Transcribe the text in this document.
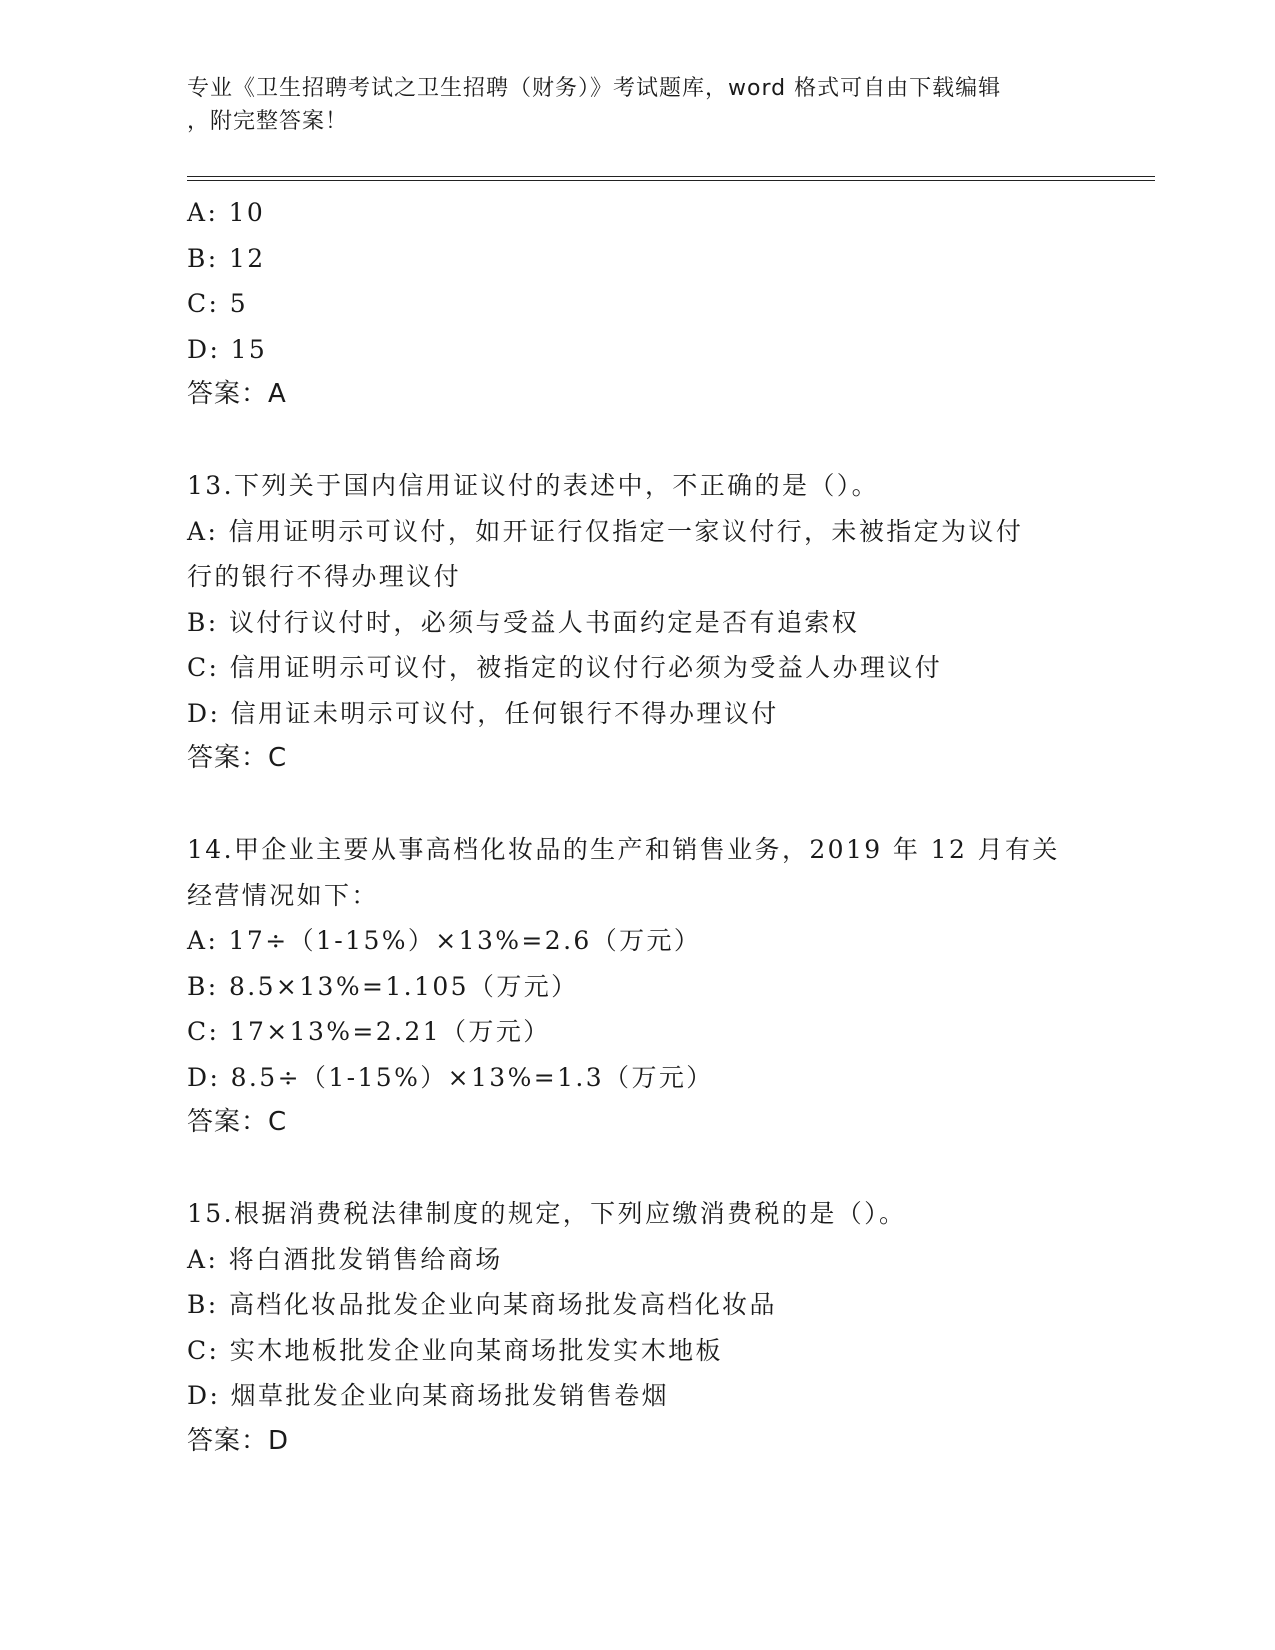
专业《卫生招聘考试之卫生招聘（财务）》考试题库，word 格式可自由下载编辑
，附完整答案！
A: 10
B: 12
C: 5
D: 15
答案：A
13.下列关于国内信用证议付的表述中，不正确的是（）。
A: 信用证明示可议付，如开证行仅指定一家议付行，未被指定为议付
行的银行不得办理议付
B: 议付行议付时，必须与受益人书面约定是否有追索权
C: 信用证明示可议付，被指定的议付行必须为受益人办理议付
D: 信用证未明示可议付，任何银行不得办理议付
答案：C
14.甲企业主要从事高档化妆品的生产和销售业务，2019 年 12 月有关
经营情况如下：
A: 17÷（1-15%）×13%=2.6（万元）
B: 8.5×13%=1.105（万元）
C: 17×13%=2.21（万元）
D: 8.5÷（1-15%）×13%=1.3（万元）
答案：C
15.根据消费税法律制度的规定，下列应缴消费税的是（）。
A: 将白酒批发销售给商场
B: 高档化妆品批发企业向某商场批发高档化妆品
C: 实木地板批发企业向某商场批发实木地板
D: 烟草批发企业向某商场批发销售卷烟
答案：D
